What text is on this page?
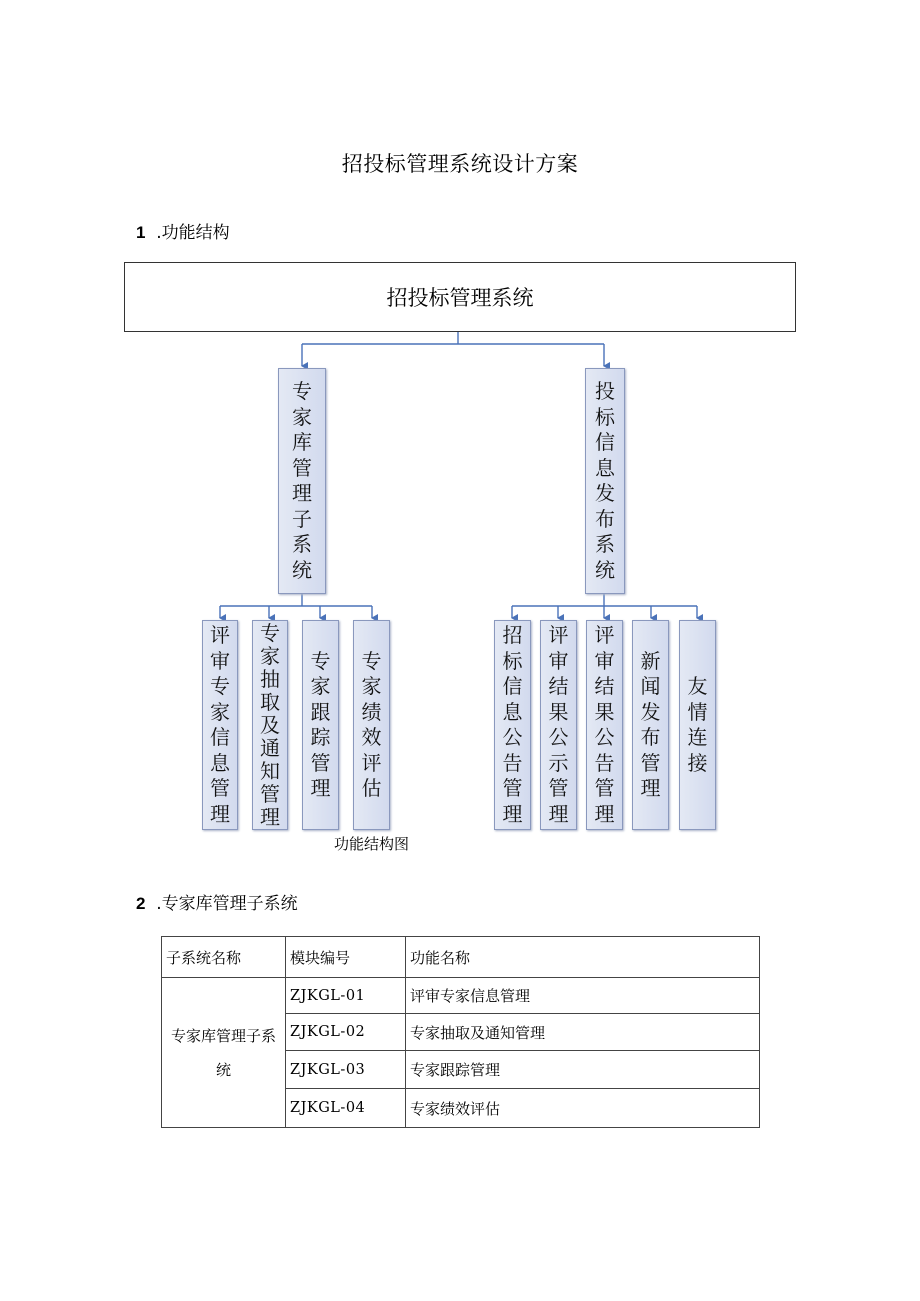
招投标管理系统设计方案
1 .功能结构
招投标管理系统
专
家
库
管
理
子
系
统
投
标
信
息
发
布
系
统
评
审
专
家
信
息
管
理
专
家
抽
取
及
通
知
管
理
专
家
跟
踪
管
理
专
家
绩
效
评
估
招
标
信
息
公
告
管
理
评
审
结
果
公
示
管
理
评
审
结
果
公
告
管
理
新
闻
发
布
管
理
友
情
连
接
功能结构图
2 .专家库管理子系统
子系统名称	模块编号	功能名称
专家库管理子系统	ZJKGL-01	评审专家信息管理
	ZJKGL-02	专家抽取及通知管理
	ZJKGL-03	专家跟踪管理
	ZJKGL-04	专家绩效评估
